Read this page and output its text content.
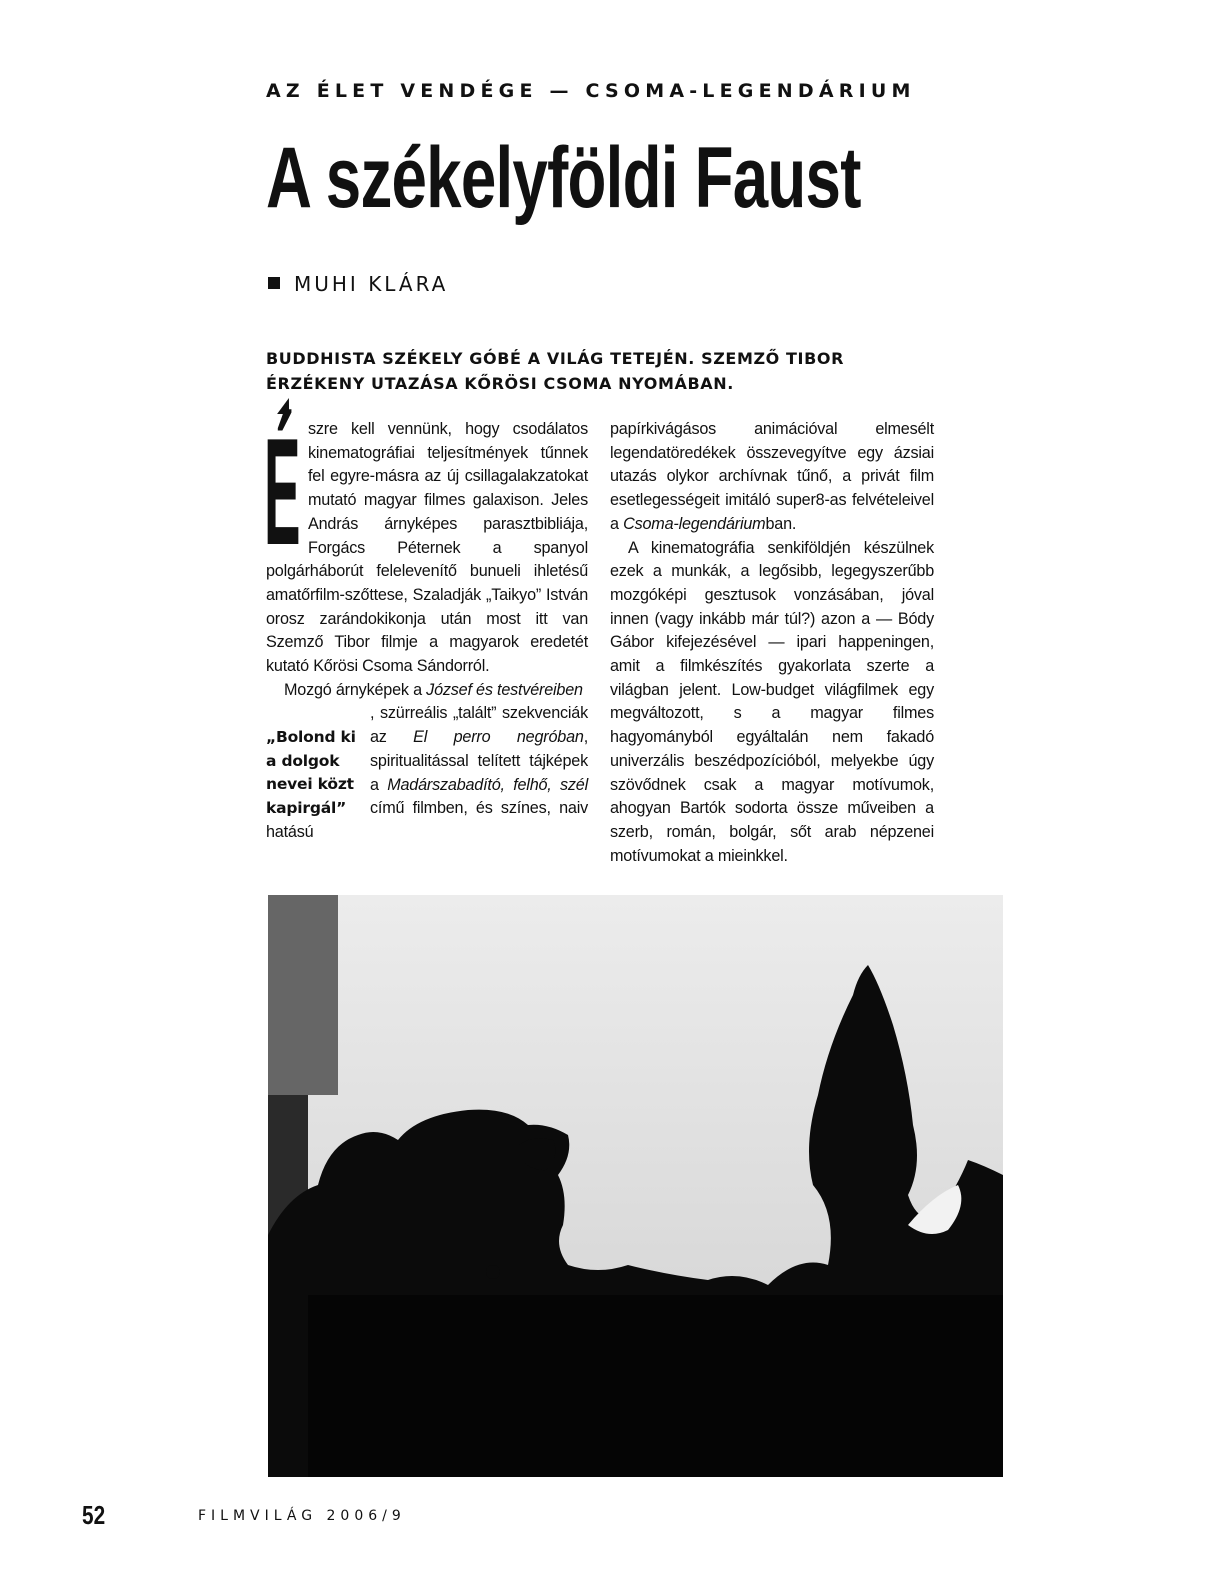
AZ ÉLET VENDÉGE — CSOMA-LEGENDÁRIUM
A székelyföldi Faust
MUHI KLÁRA
BUDDHISTA SZÉKELY GÓBÉ A VILÁG TETEJÉN. SZEMZŐ TIBOR ÉRZÉKENY UTAZÁSA KŐRÖSI CSOMA NYOMÁBAN.
É szre kell vennünk, hogy csodálatos kinematográfiai teljesítmények tűnnek fel egyre-másra az új csillagalakzatokat mutató magyar filmes galaxison. Jeles András árnyképes parasztbibliája, Forgács Péternek a spanyol polgárháborút felelevenítő bunueli ihletésű amatőrfilm-szőttese, Szaladják „Taikyo” István orosz zarándokikonja után most itt van Szemző Tibor filmje a magyarok eredetét kutató Kőrösi Csoma Sándorról.

Mozgó árnyképek a József és testvéreiben

„Bolond ki a dolgok nevei közt kapirgál”

, szürreális „talált” szekvenciák az El perro negróban, spiritualitással telített tájképek a Madárszabadító, felhő, szél című filmben, és színes, naiv hatású

papírkivágásos animációval elmesélt legendatöredékek összevegyítve egy ázsiai utazás olykor archívnak tűnő, a privát film esetlegességeit imitáló super8-as felvételeivel a Csoma-legendáriumban.

A kinematográfia senkiföldjén készülnek ezek a munkák, a legősibb, legegyszerűbb mozgóképi gesztusok vonzásában, jóval innen (vagy inkább már túl?) azon a — Bódy Gábor kifejezésével — ipari happeningen, amit a filmkészítés gyakorlata szerte a világban jelent. Low-budget világfilmek egy megváltozott, s a magyar filmes hagyományból egyáltalán nem fakadó univerzális beszédpozícióból, melyekbe úgy szövődnek csak a magyar motívumok, ahogyan Bartók sodorta össze műveiben a szerb, román, bolgár, sőt arab népzenei motívumokat a mieinkkel.

52	FILMVILÁG 2006/9
